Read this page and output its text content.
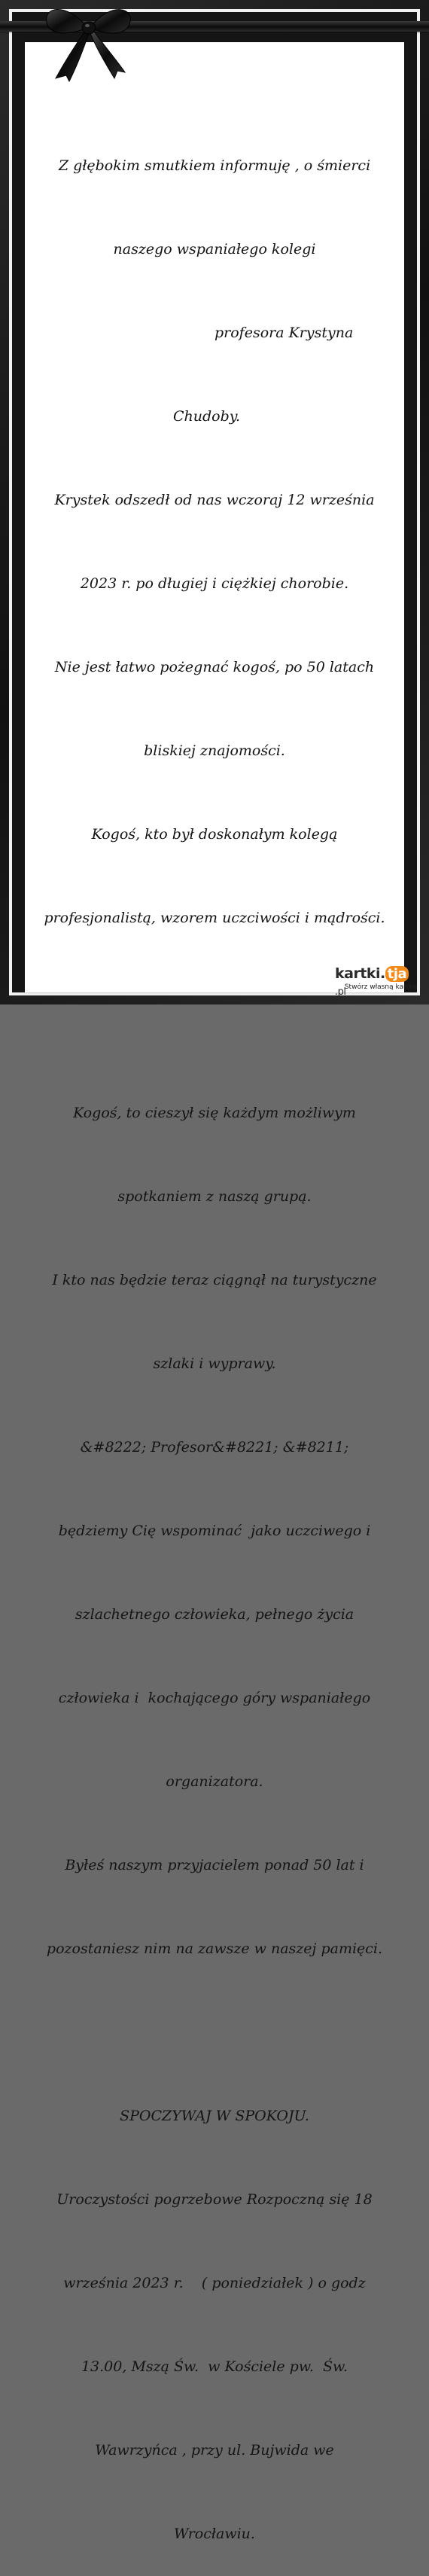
Z głębokim smutkiem informuję , o śmierci

naszego wspaniałego kolegi

profesora Krystyna

Chudoby.

Krystek odszedł od nas wczoraj 12 września

2023 r. po długiej i ciężkiej chorobie.

Nie jest łatwo pożegnać kogoś, po 50 latach

bliskiej znajomości.

Kogoś, kto był doskonałym kolegą

profesjonalistą, wzorem uczciwości i mądrości.

Kogoś, to cieszył się każdym możliwym

spotkaniem z naszą grupą.

I kto nas będzie teraz ciągnął na turystyczne

szlaki i wyprawy.

&#8222; Profesor&#8221; &#8211;

będziemy Cię wspominać  jako uczciwego i

szlachetnego człowieka, pełnego życia

człowieka i  kochającego góry wspaniałego

organizatora.

Byłeś naszym przyjacielem ponad 50 lat i

pozostaniesz nim na zawsze w naszej pamięci.

SPOCZYWAJ W SPOKOJU.

Uroczystości pogrzebowe Rozpoczną się 18

września 2023 r.    ( poniedziałek ) o godz

13.00, Mszą Św.  w Kościele pw.  Św.

Wawrzyńca , przy ul. Bujwida we

Wrocławiu.

kartki. tja.pl
Stwórz własną kartkę
